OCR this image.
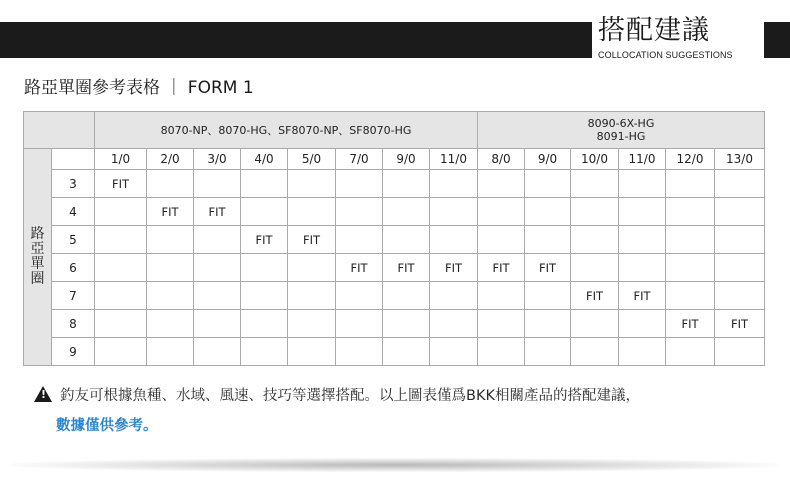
搭配建議
COLLOCATION SUGGESTIONS
路亞單圈參考表格 ｜ FORM 1
		8070-NP、8070-HG、SF8070-NP、SF8070-HG								8090-6X-HG
8091-HG					
路
亞
單
圈		1/0	2/0	3/0	4/0	5/0	7/0	9/0	11/0	8/0	9/0	10/0	11/0	12/0	13/0
	3	FIT													
	4		FIT	FIT											
	5				FIT	FIT									
	6						FIT	FIT	FIT	FIT	FIT				
	7											FIT	FIT		
	8													FIT	FIT
	9														
! 釣友可根據魚種、水域、風速、技巧等選擇搭配。以上圖表僅爲BKK相關產品的搭配建議，
數據僅供參考。
